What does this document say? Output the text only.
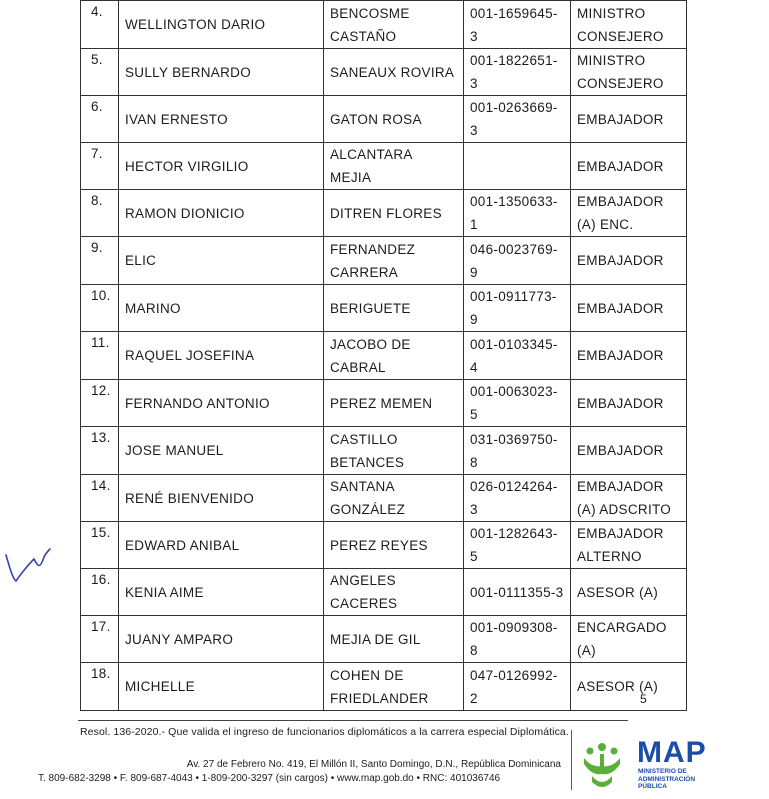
4.	WELLINGTON DARIO	BENCOSME CASTAÑO	001-1659645-3	MINISTRO CONSEJERO
5.	SULLY BERNARDO	SANEAUX ROVIRA	001-1822651-3	MINISTRO CONSEJERO
6.	IVAN ERNESTO	GATON ROSA	001-0263669-3	EMBAJADOR
7.	HECTOR VIRGILIO	ALCANTARA MEJIA		EMBAJADOR
8.	RAMON DIONICIO	DITREN FLORES	001-1350633-1	EMBAJADOR (A) ENC.
9.	ELIC	FERNANDEZ CARRERA	046-0023769-9	EMBAJADOR
10.	MARINO	BERIGUETE	001-0911773-9	EMBAJADOR
11.	RAQUEL JOSEFINA	JACOBO DE CABRAL	001-0103345-4	EMBAJADOR
12.	FERNANDO ANTONIO	PEREZ MEMEN	001-0063023-5	EMBAJADOR
13.	JOSE MANUEL	CASTILLO BETANCES	031-0369750-8	EMBAJADOR
14.	RENÉ BIENVENIDO	SANTANA GONZÁLEZ	026-0124264-3	EMBAJADOR (A) ADSCRITO
15.	EDWARD ANIBAL	PEREZ REYES	001-1282643-5	EMBAJADOR ALTERNO
16.	KENIA AIME	ANGELES CACERES	001-0111355-3	ASESOR (A)
17.	JUANY AMPARO	MEJIA DE GIL	001-0909308-8	ENCARGADO (A)
18.	MICHELLE	COHEN DE FRIEDLANDER	047-0126992-2	ASESOR (A)
5
Resol. 136-2020.- Que valida el ingreso de funcionarios diplomáticos a la carrera especial Diplomática.
Av. 27 de Febrero No. 419, El Millón II, Santo Domingo, D.N., República Dominicana
T. 809-682-3298 • F. 809-687-4043 • 1-809-200-3297 (sin cargos) • www.map.gob.do • RNC: 401036746
MAP
MINISTERIO DE ADMINISTRACIÓN PÚBLICA
